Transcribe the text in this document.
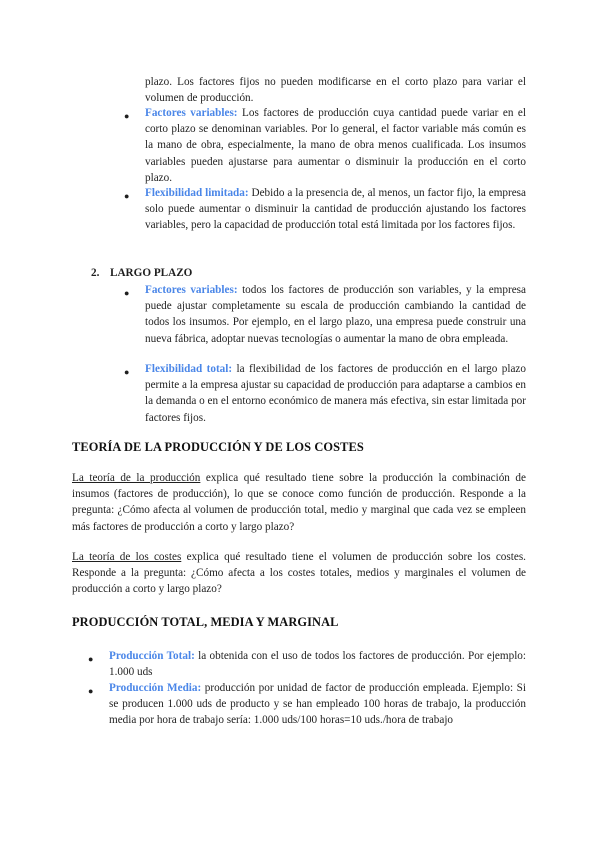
plazo. Los factores fijos no pueden modificarse en el corto plazo para variar el volumen de producción.

● Factores variables: Los factores de producción cuya cantidad puede variar en el corto plazo se denominan variables. Por lo general, el factor variable más común es la mano de obra, especialmente, la mano de obra menos cualificada. Los insumos variables pueden ajustarse para aumentar o disminuir la producción en el corto plazo.

● Flexibilidad limitada: Debido a la presencia de, al menos, un factor fijo, la empresa solo puede aumentar o disminuir la cantidad de producción ajustando los factores variables, pero la capacidad de producción total está limitada por los factores fijos.

2. LARGO PLAZO
● Factores variables: todos los factores de producción son variables, y la empresa puede ajustar completamente su escala de producción cambiando la cantidad de todos los insumos. Por ejemplo, en el largo plazo, una empresa puede construir una nueva fábrica, adoptar nuevas tecnologías o aumentar la mano de obra empleada.

● Flexibilidad total: la flexibilidad de los factores de producción en el largo plazo permite a la empresa ajustar su capacidad de producción para adaptarse a cambios en la demanda o en el entorno económico de manera más efectiva, sin estar limitada por factores fijos.

TEORÍA DE LA PRODUCCIÓN Y DE LOS COSTES

La teoría de la producción explica qué resultado tiene sobre la producción la combinación de insumos (factores de producción), lo que se conoce como función de producción. Responde a la pregunta: ¿Cómo afecta al volumen de producción total, medio y marginal que cada vez se empleen más factores de producción a corto y largo plazo?

La teoría de los costes explica qué resultado tiene el volumen de producción sobre los costes. Responde a la pregunta: ¿Cómo afecta a los costes totales, medios y marginales el volumen de producción a corto y largo plazo?

PRODUCCIÓN TOTAL, MEDIA Y MARGINAL
● Producción Total: la obtenida con el uso de todos los factores de producción. Por ejemplo: 1.000 uds

● Producción Media: producción por unidad de factor de producción empleada. Ejemplo: Si se producen 1.000 uds de producto y se han empleado 100 horas de trabajo, la producción media por hora de trabajo sería: 1.000 uds/100 horas=10 uds./hora de trabajo
